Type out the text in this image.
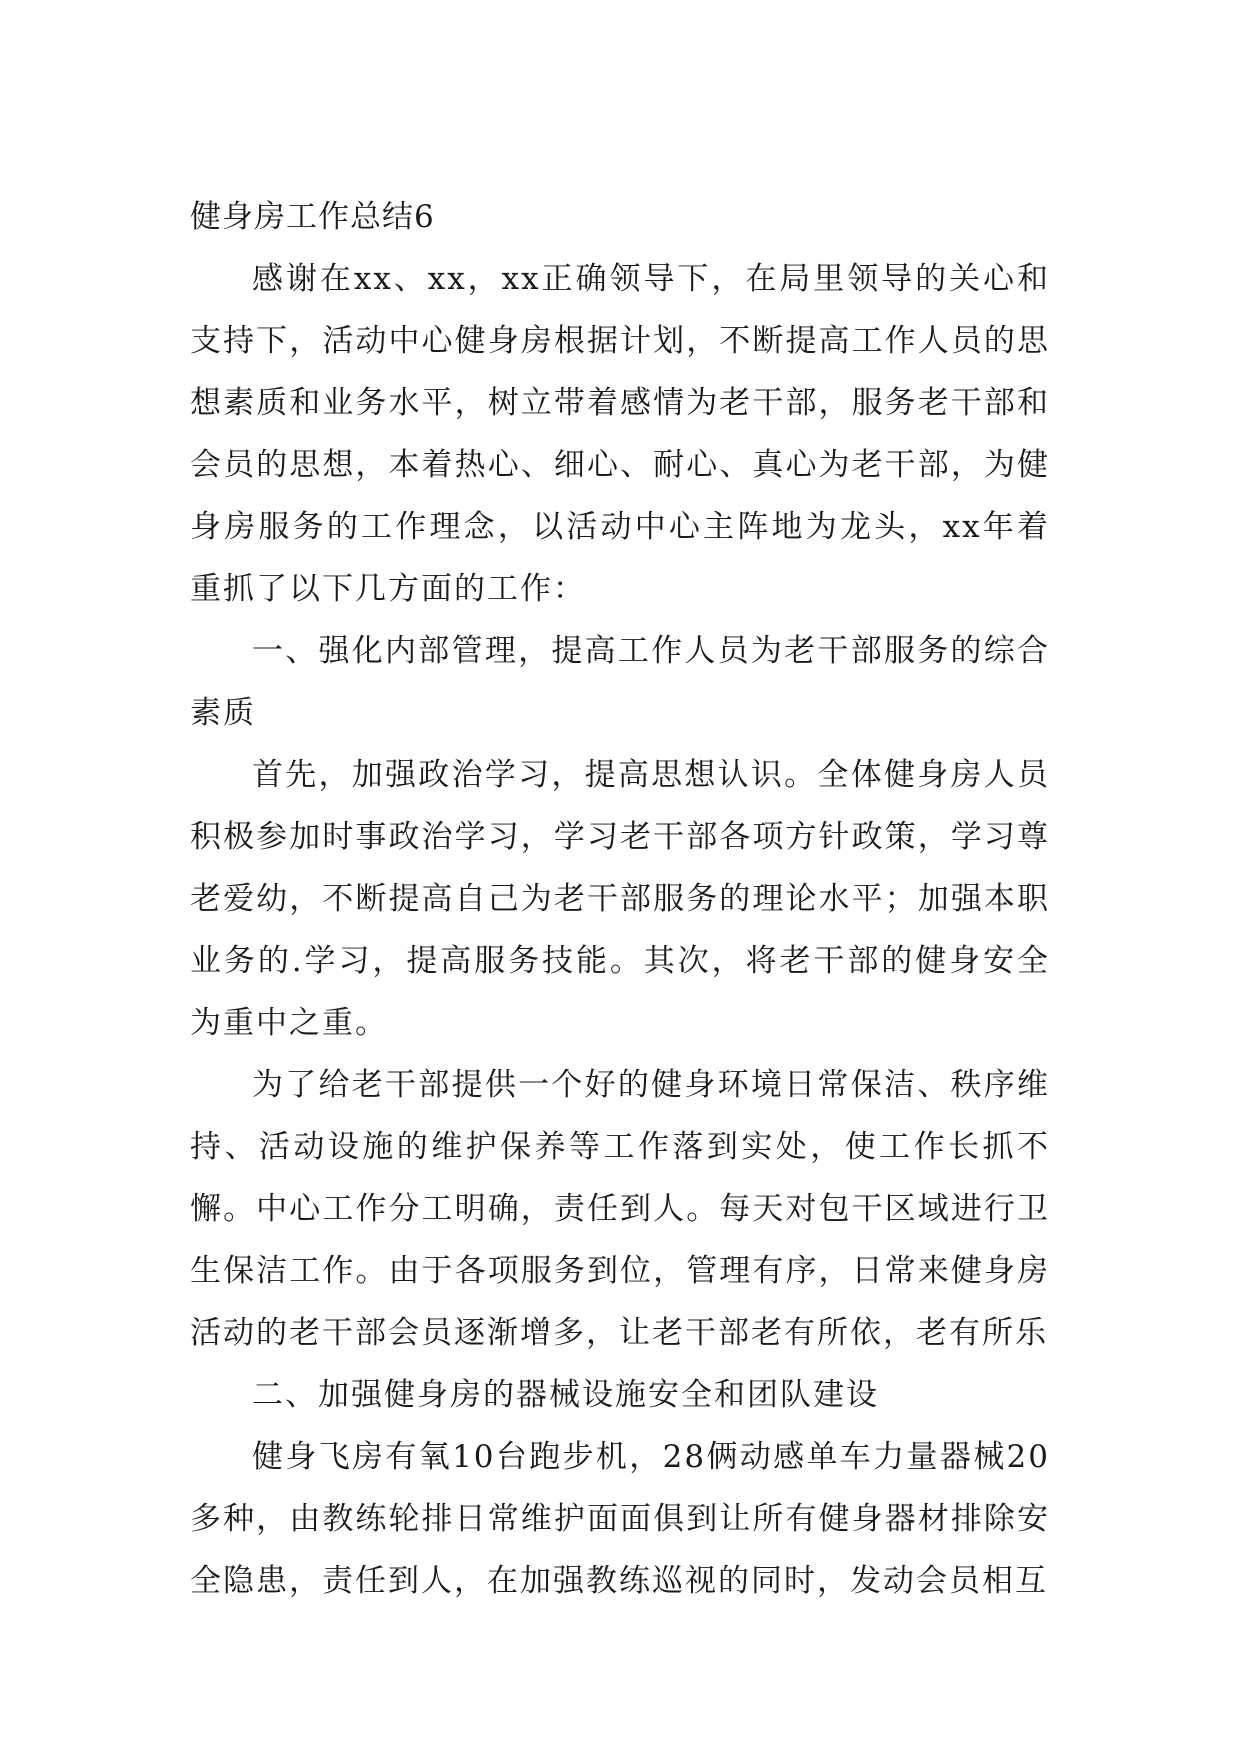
健身房工作总结6

感谢在xx、xx，xx正确领导下，在局里领导的关心和支持下，活动中心健身房根据计划，不断提高工作人员的思想素质和业务水平，树立带着感情为老干部，服务老干部和会员的思想，本着热心、细心、耐心、真心为老干部，为健身房服务的工作理念，以活动中心主阵地为龙头，xx年着重抓了以下几方面的工作：

一、强化内部管理，提高工作人员为老干部服务的综合素质

首先，加强政治学习，提高思想认识。全体健身房人员积极参加时事政治学习，学习老干部各项方针政策，学习尊老爱幼，不断提高自己为老干部服务的理论水平；加强本职业务的.学习，提高服务技能。其次，将老干部的健身安全为重中之重。

为了给老干部提供一个好的健身环境日常保洁、秩序维持、活动设施的维护保养等工作落到实处，使工作长抓不懈。中心工作分工明确，责任到人。每天对包干区域进行卫生保洁工作。由于各项服务到位，管理有序，日常来健身房活动的老干部会员逐渐增多，让老干部老有所依，老有所乐

二、加强健身房的器械设施安全和团队建设

健身飞房有氧10台跑步机，28俩动感单车力量器械20多种，由教练轮排日常维护面面俱到让所有健身器材排除安全隐患，责任到人，在加强教练巡视的同时，发动会员相互
